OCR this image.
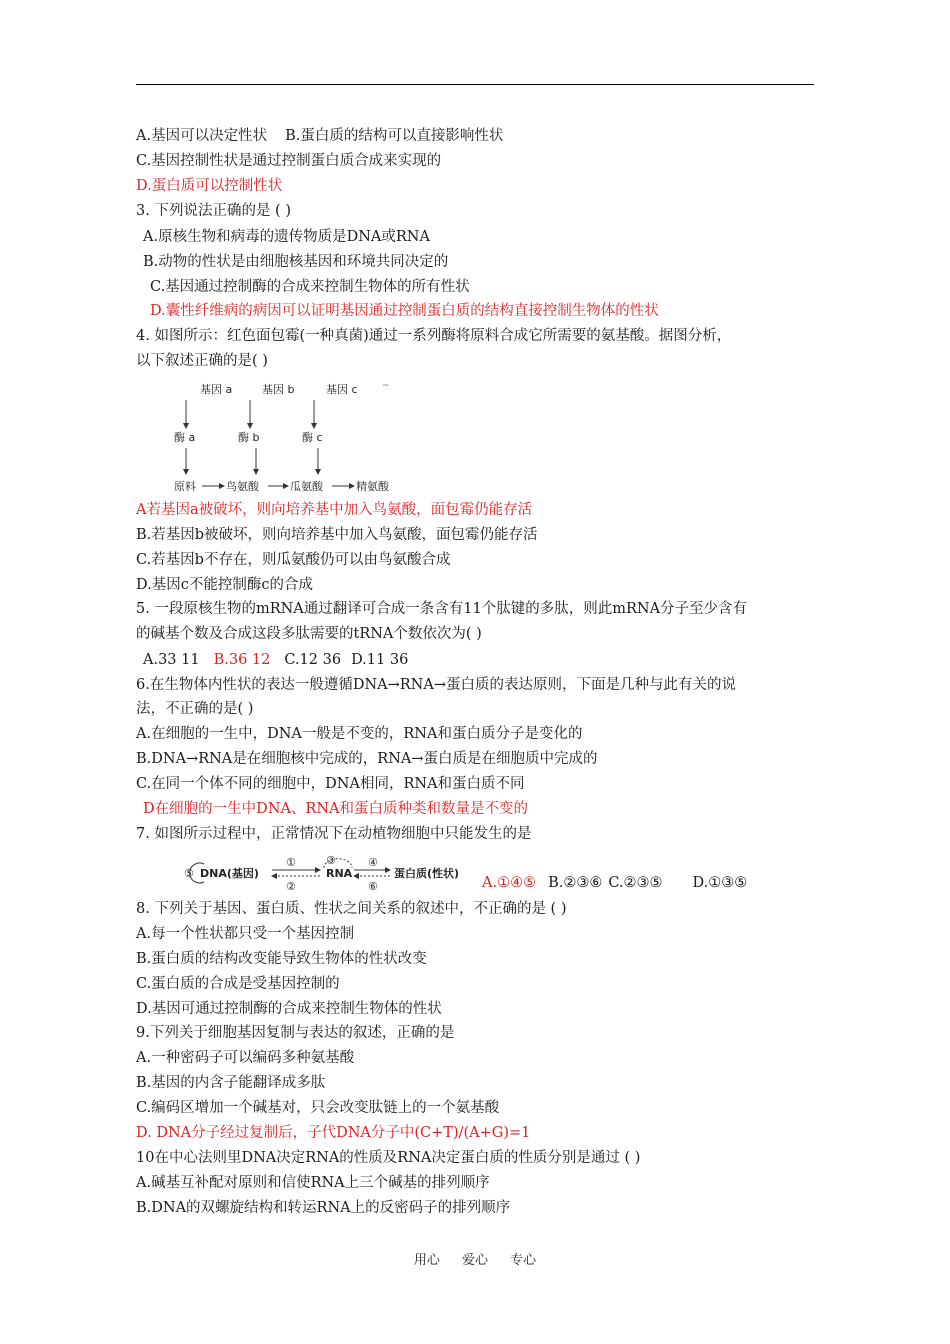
A.基因可以决定性状 B.蛋白质的结构可以直接影响性状
C.基因控制性状是通过控制蛋白质合成来实现的
D.蛋白质可以控制性状
3. 下列说法正确的是 ( )
A.原核生物和病毒的遗传物质是DNA或RNA
B.动物的性状是由细胞核基因和环境共同决定的
C.基因通过控制酶的合成来控制生物体的所有性状
D.囊性纤维病的病因可以证明基因通过控制蛋白质的结构直接控制生物体的性状
4. 如图所示：红色面包霉(一种真菌)通过一系列酶将原料合成它所需要的氨基酸。据图分析，
以下叙述正确的是( )
基因 a	基因 b	基因 c
酶 a	酶 b	酶 c
原料	鸟氨酸	瓜氨酸	精氨酸
~
A若基因a被破坏，则向培养基中加入鸟氨酸，面包霉仍能存活
B.若基因b被破坏，则向培养基中加入鸟氨酸，面包霉仍能存活
C.若基因b不存在，则瓜氨酸仍可以由鸟氨酸合成
D.基因c不能控制酶c的合成
5. 一段原核生物的mRNA通过翻译可合成一条含有11个肽键的多肽，则此mRNA分子至少含有
的碱基个数及合成这段多肽需要的tRNA个数依次为( )
A.33 11 B.36 12 C.12 36 D.11 36
6.在生物体内性状的表达一般遵循DNA→RNA→蛋白质的表达原则，下面是几种与此有关的说
法，不正确的是( )
A.在细胞的一生中，DNA一般是不变的，RNA和蛋白质分子是变化的
B.DNA→RNA是在细胞核中完成的，RNA→蛋白质是在细胞质中完成的
C.在同一个体不同的细胞中，DNA相同，RNA和蛋白质不同
D在细胞的一生中DNA、RNA和蛋白质种类和数量是不变的
7. 如图所示过程中，正常情况下在动植物细胞中只能发生的是
⑤ DNA(基因)
①
②
③
RNA
④
⑥
蛋白质(性状)
A.①④⑤ B.②③⑥ C.②③⑤ D.①③⑤
8. 下列关于基因、蛋白质、性状之间关系的叙述中，不正确的是 ( )
A.每一个性状都只受一个基因控制
B.蛋白质的结构改变能导致生物体的性状改变
C.蛋白质的合成是受基因控制的
D.基因可通过控制酶的合成来控制生物体的性状
9.下列关于细胞基因复制与表达的叙述，正确的是
A.一种密码子可以编码多种氨基酸
B.基因的内含子能翻译成多肽
C.编码区增加一个碱基对，只会改变肽链上的一个氨基酸
D. DNA分子经过复制后，子代DNA分子中(C+T)/(A+G)=1
10在中心法则里DNA决定RNA的性质及RNA决定蛋白质的性质分别是通过 ( )
A.碱基互补配对原则和信使RNA上三个碱基的排列顺序
B.DNA的双螺旋结构和转运RNA上的反密码子的排列顺序
用心 爱心 专心
